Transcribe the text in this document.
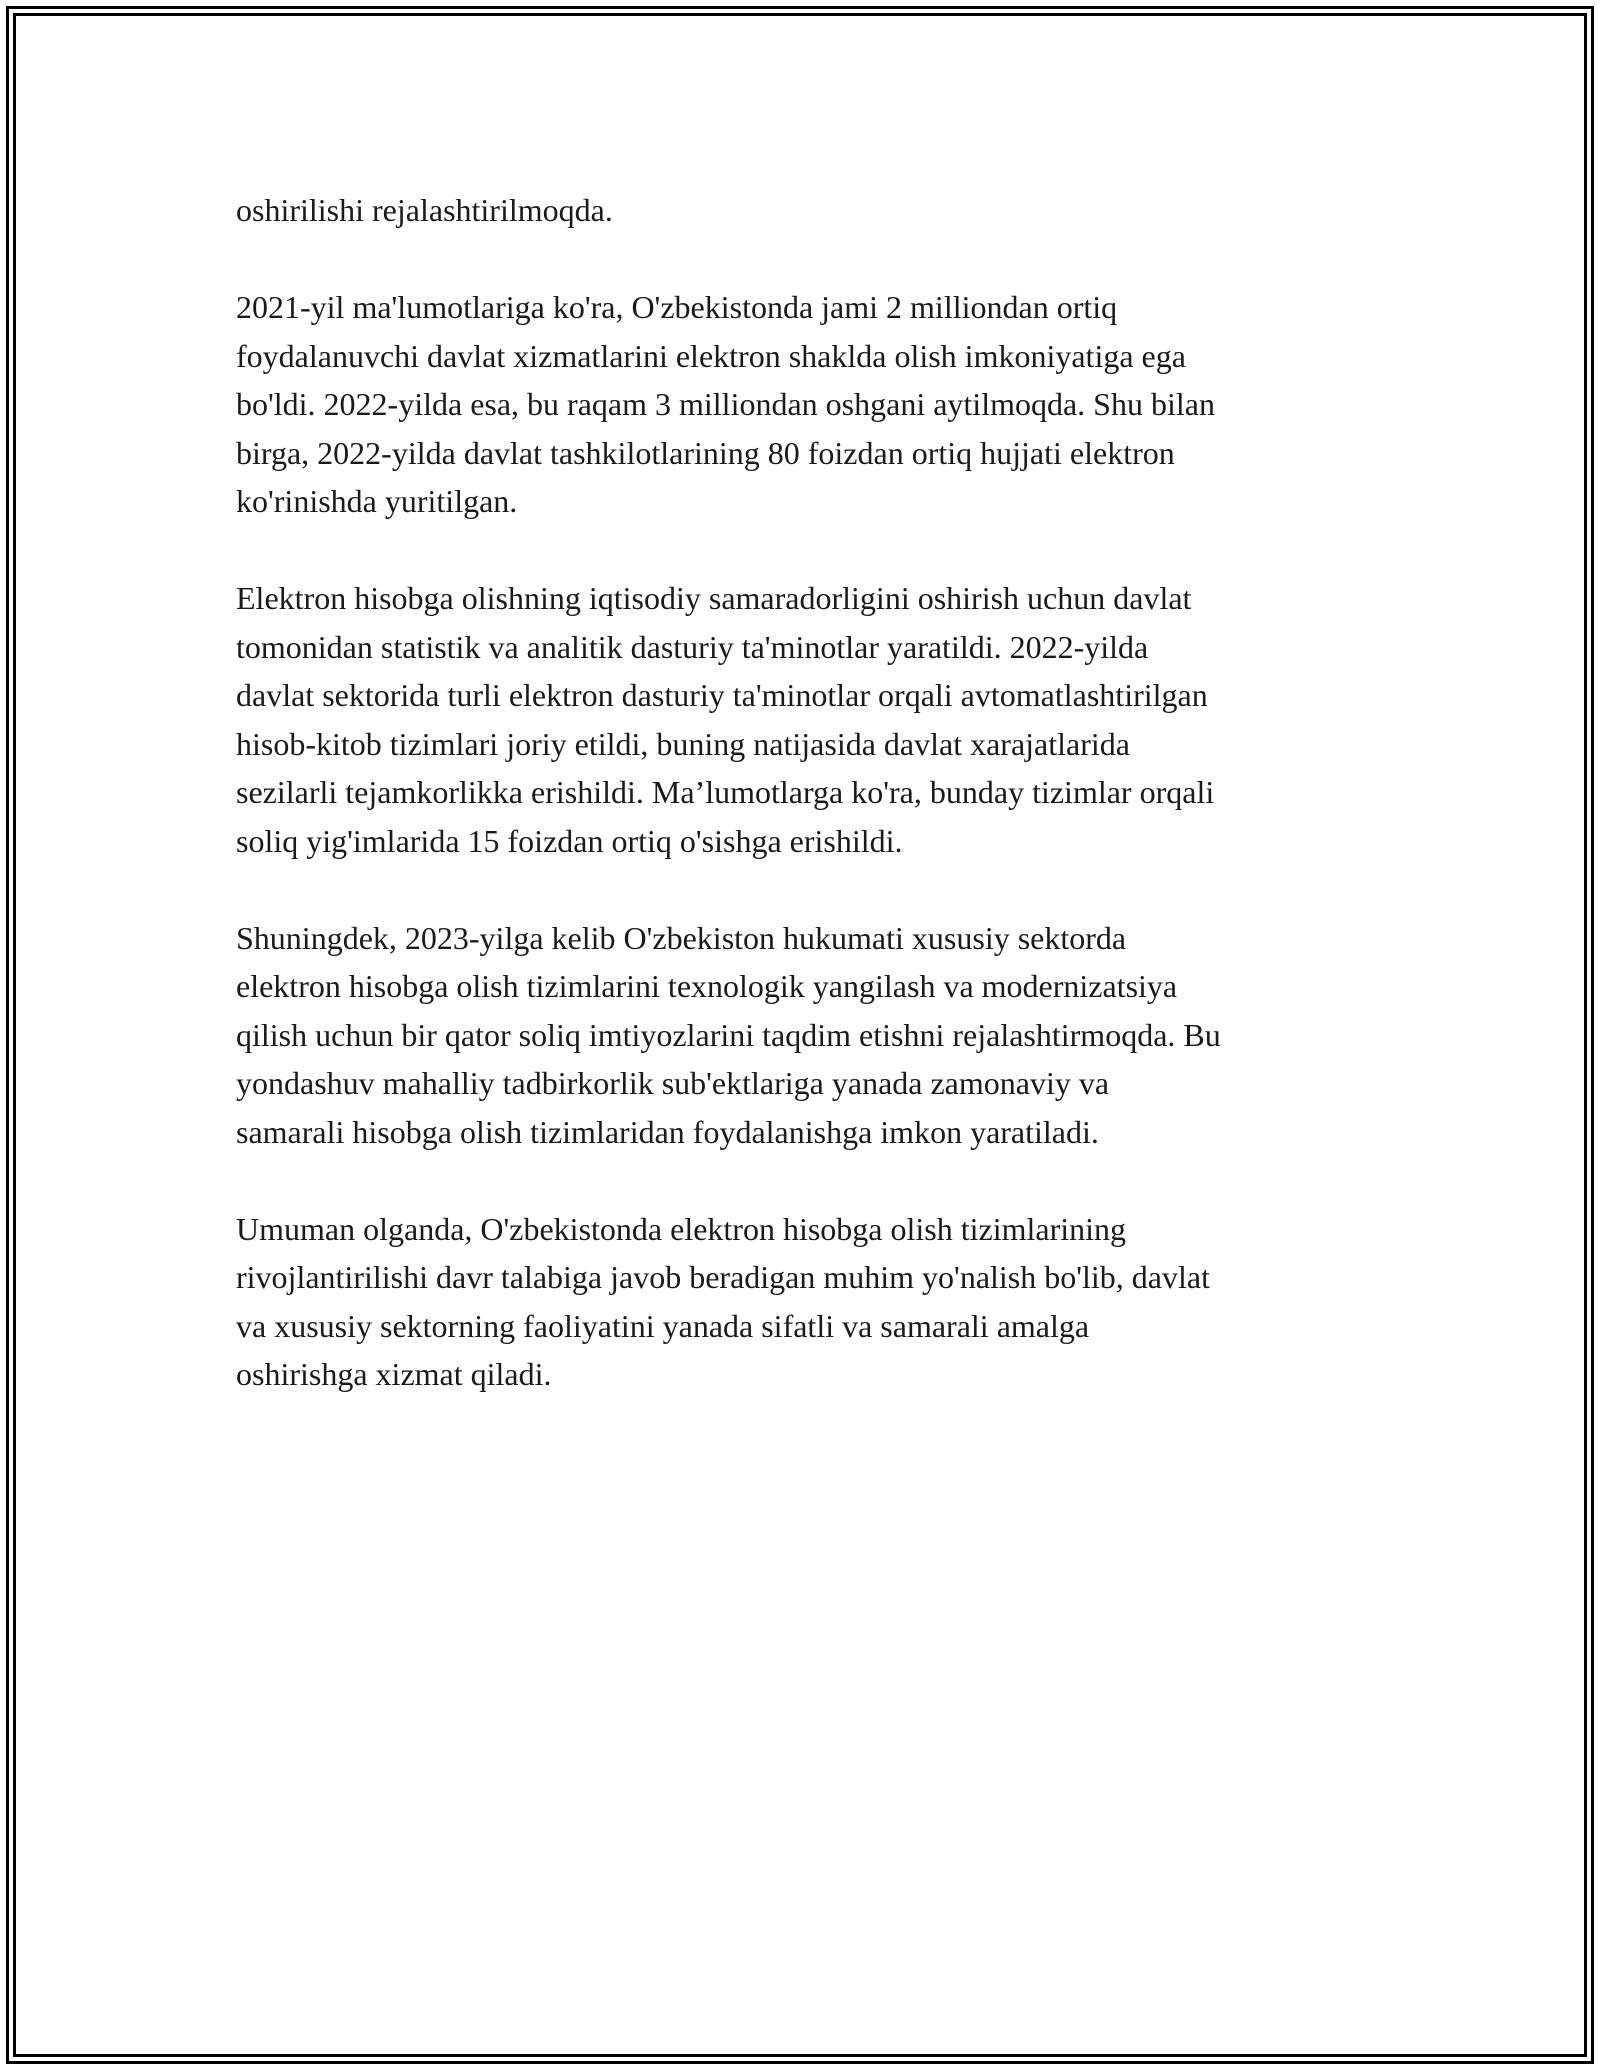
oshirilishi rejalashtirilmoqda.

2021-yil ma'lumotlariga ko'ra, O'zbekistonda jami 2 milliondan ortiq
foydalanuvchi davlat xizmatlarini elektron shaklda olish imkoniyatiga ega
bo'ldi. 2022-yilda esa, bu raqam 3 milliondan oshgani aytilmoqda. Shu bilan
birga, 2022-yilda davlat tashkilotlarining 80 foizdan ortiq hujjati elektron
ko'rinishda yuritilgan.

Elektron hisobga olishning iqtisodiy samaradorligini oshirish uchun davlat
tomonidan statistik va analitik dasturiy ta'minotlar yaratildi. 2022-yilda
davlat sektorida turli elektron dasturiy ta'minotlar orqali avtomatlashtirilgan
hisob-kitob tizimlari joriy etildi, buning natijasida davlat xarajatlarida
sezilarli tejamkorlikka erishildi. Ma’lumotlarga ko'ra, bunday tizimlar orqali
soliq yig'imlarida 15 foizdan ortiq o'sishga erishildi.

Shuningdek, 2023-yilga kelib O'zbekiston hukumati xususiy sektorda
elektron hisobga olish tizimlarini texnologik yangilash va modernizatsiya
qilish uchun bir qator soliq imtiyozlarini taqdim etishni rejalashtirmoqda. Bu
yondashuv mahalliy tadbirkorlik sub'ektlariga yanada zamonaviy va
samarali hisobga olish tizimlaridan foydalanishga imkon yaratiladi.

Umuman olganda, O'zbekistonda elektron hisobga olish tizimlarining
rivojlantirilishi davr talabiga javob beradigan muhim yo'nalish bo'lib, davlat
va xususiy sektorning faoliyatini yanada sifatli va samarali amalga
oshirishga xizmat qiladi.
